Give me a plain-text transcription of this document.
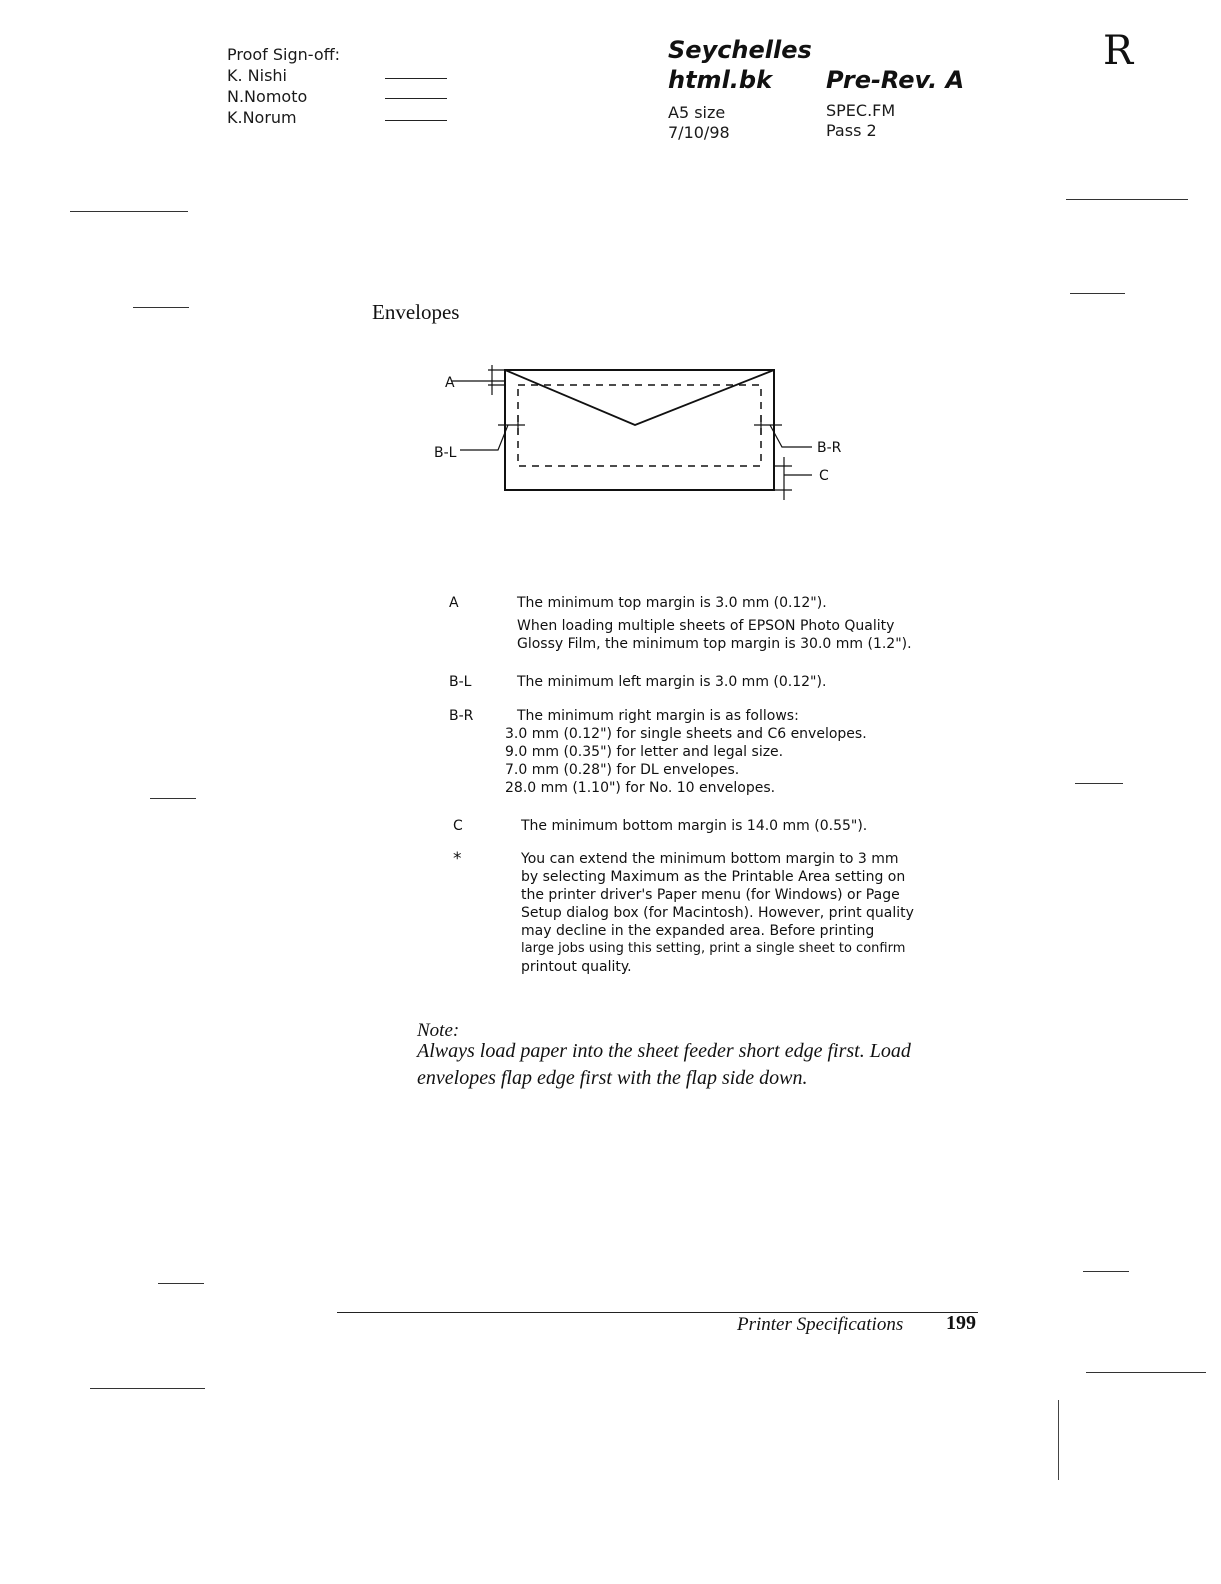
Proof Sign-off:
K. Nishi
N.Nomoto
K.Norum
Seychelles
html.bk Pre-Rev. A
A5 size
7/10/98
SPEC.FM
Pass 2
R
Envelopes
A
B-L	B-R
C
A	The minimum top margin is 3.0 mm (0.12").
When loading multiple sheets of EPSON Photo Quality
Glossy Film, the minimum top margin is 30.0 mm (1.2").
B-L	The minimum left margin is 3.0 mm (0.12").
B-R	The minimum right margin is as follows:
3.0 mm (0.12") for single sheets and C6 envelopes.
9.0 mm (0.35") for letter and legal size.
7.0 mm (0.28") for DL envelopes.
28.0 mm (1.10") for No. 10 envelopes.
C	The minimum bottom margin is 14.0 mm (0.55").
*	You can extend the minimum bottom margin to 3 mm
by selecting Maximum as the Printable Area setting on
the printer driver's Paper menu (for Windows) or Page
Setup dialog box (for Macintosh). However, print quality
may decline in the expanded area. Before printing
large jobs using this setting, print a single sheet to confirm
printout quality.
Note:
Always load paper into the sheet feeder short edge first. Load
envelopes flap edge first with the flap side down.
Printer Specifications 199
